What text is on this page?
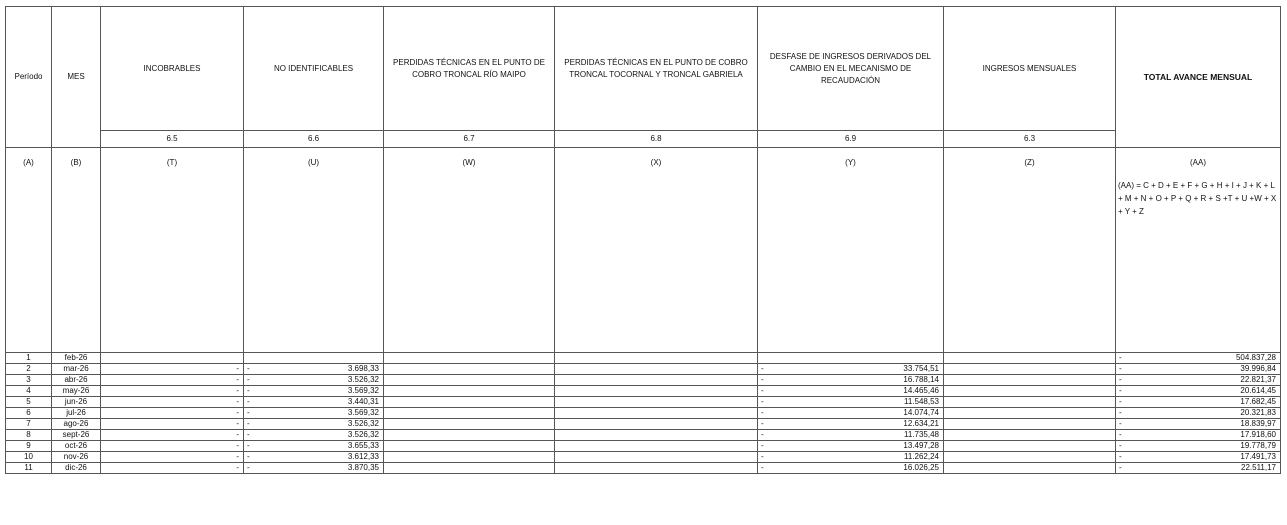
Período	MES	INCOBRABLES	NO IDENTIFICABLES	PERDIDAS TÉCNICAS EN EL PUNTO DE COBRO TRONCAL RÍO MAIPO	PERDIDAS TÉCNICAS EN EL PUNTO DE COBRO TRONCAL TOCORNAL Y TRONCAL GABRIELA	DESFASE DE INGRESOS DERIVADOS DEL CAMBIO EN EL MECANISMO DE RECAUDACIÓN	INGRESOS MENSUALES	TOTAL AVANCE MENSUAL
		6.5	6.6	6.7	6.8	6.9	6.3	
(A)	(B)	(T)	(U)	(W)	(X)	(Y)	(Z)	(AA)
(AA) = C + D + E + F + G + H + I + J + K + L + M + N + O + P + Q + R + S +T + U +W + X + Y + Z

1	feb-26							- 504.837,28

2	mar-26	-	- 3.698,33			- 33.754,51		- 39.996,84

3	abr-26	-	- 3.526,32			- 16.788,14		- 22.821,37

4	may-26	-	- 3.569,32			- 14.465,46		- 20.614,45

5	jun-26	-	- 3.440,31			- 11.548,53		- 17.682,45

6	jul-26	-	- 3.569,32			- 14.074,74		- 20.321,83

7	ago-26	-	- 3.526,32			- 12.634,21		- 18.839,97

8	sept-26	-	- 3.526,32			- 11.735,48		- 17.918,60

9	oct-26	-	- 3.655,33			- 13.497,28		- 19.778,79

10	nov-26	-	- 3.612,33			- 11.262,24		- 17.491,73

11	dic-26	-	- 3.870,35			- 16.026,25		- 22.511,17
